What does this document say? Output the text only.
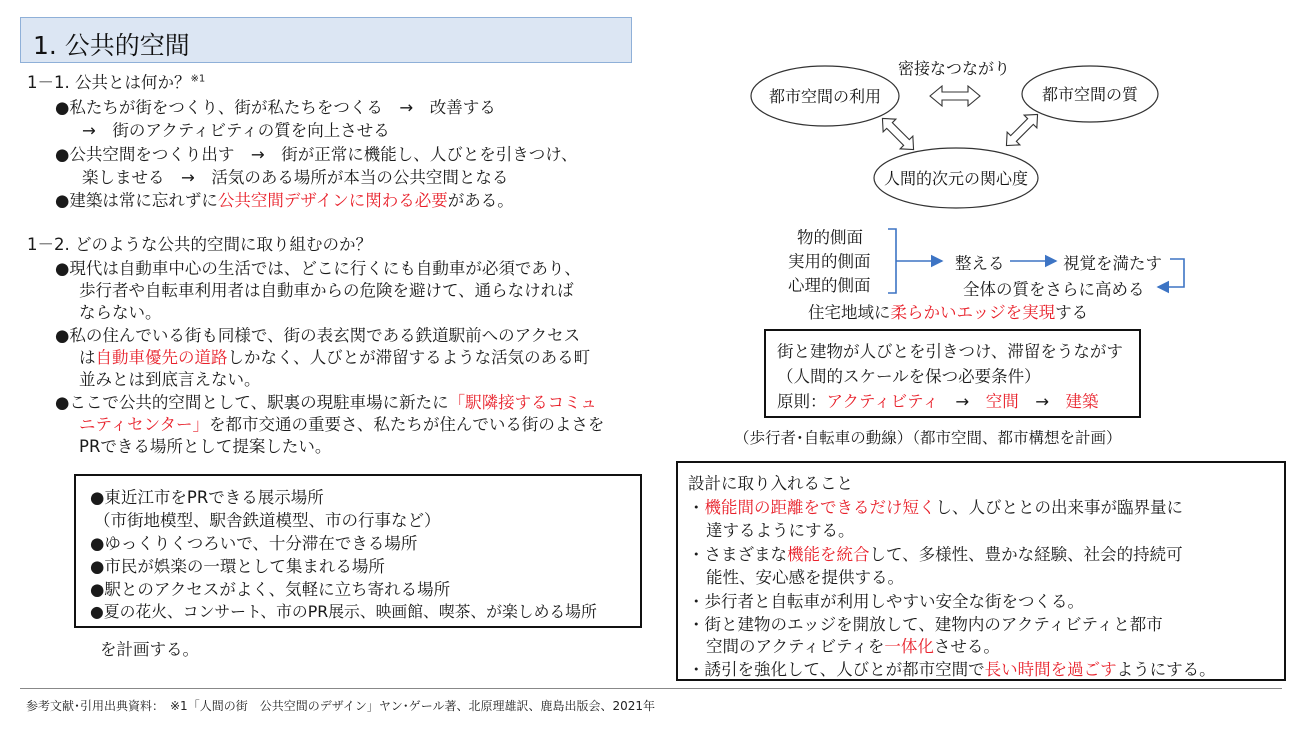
1. 公共的空間
1－1. 公共とは何か？$^{※1}$
●私たちが街をつくり、街が私たちをつくる　→　改善する
→　街のアクティビティの質を向上させる
●公共空間をつくり出す　→　街が正常に機能し、人びとを引きつけ、
楽しませる　→　活気のある場所が本当の公共空間となる
●建築は常に忘れずに公共空間デザインに関わる必要がある。
1－2. どのような公共的空間に取り組むのか？
●現代は自動車中心の生活では、どこに行くにも自動車が必須であり、
歩行者や自転車利用者は自動車からの危険を避けて、通らなければ
ならない。
●私の住んでいる街も同様で、街の表玄関である鉄道駅前へのアクセス
は自動車優先の道路しかなく、人びとが滞留するような活気のある町
並みとは到底言えない。
●ここで公共的空間として、駅裏の現駐車場に新たに「駅隣接するコミュ
ニティセンター」を都市交通の重要さ、私たちが住んでいる街のよさを
PRできる場所として提案したい。
●東近江市をPRできる展示場所
（市街地模型、駅舎鉄道模型、市の行事など）
●ゆっくりくつろいで、十分滞在できる場所
●市民が娯楽の一環として集まれる場所
●駅とのアクセスがよく、気軽に立ち寄れる場所
●夏の花火、コンサート、市のPR展示、映画館、喫茶、が楽しめる場所
を計画する。
都市空間の利用	都市空間の質
人間的次元の関心度
密接なつながり
物的側面
実用的側面
心理的側面
整える	視覚を満たす
全体の質をさらに高める
住宅地域に柔らかいエッジを実現する
街と建物が人びとを引きつけ、滞留をうながす
（人間的スケールを保つ必要条件）
原則：アクティビティ　 →　 空間　 →　 建築
（歩行者･自転車の動線）（都市空間、都市構想を計画）
設計に取り入れること
・機能間の距離をできるだけ短くし、人びととの出来事が臨界量に
達するようにする。
・さまざまな機能を統合して、多様性、豊かな経験、社会的持続可
能性、安心感を提供する。
・歩行者と自転車が利用しやすい安全な街をつくる。
・街と建物のエッジを開放して、建物内のアクティビティと都市
空間のアクティビティを一体化させる。
・誘引を強化して、人びとが都市空間で長い時間を過ごすようにする。
参考文献･引用出典資料：　※1「人間の街　公共空間のデザイン」ヤン･ゲール著、北原理雄訳、鹿島出版会、2021年
